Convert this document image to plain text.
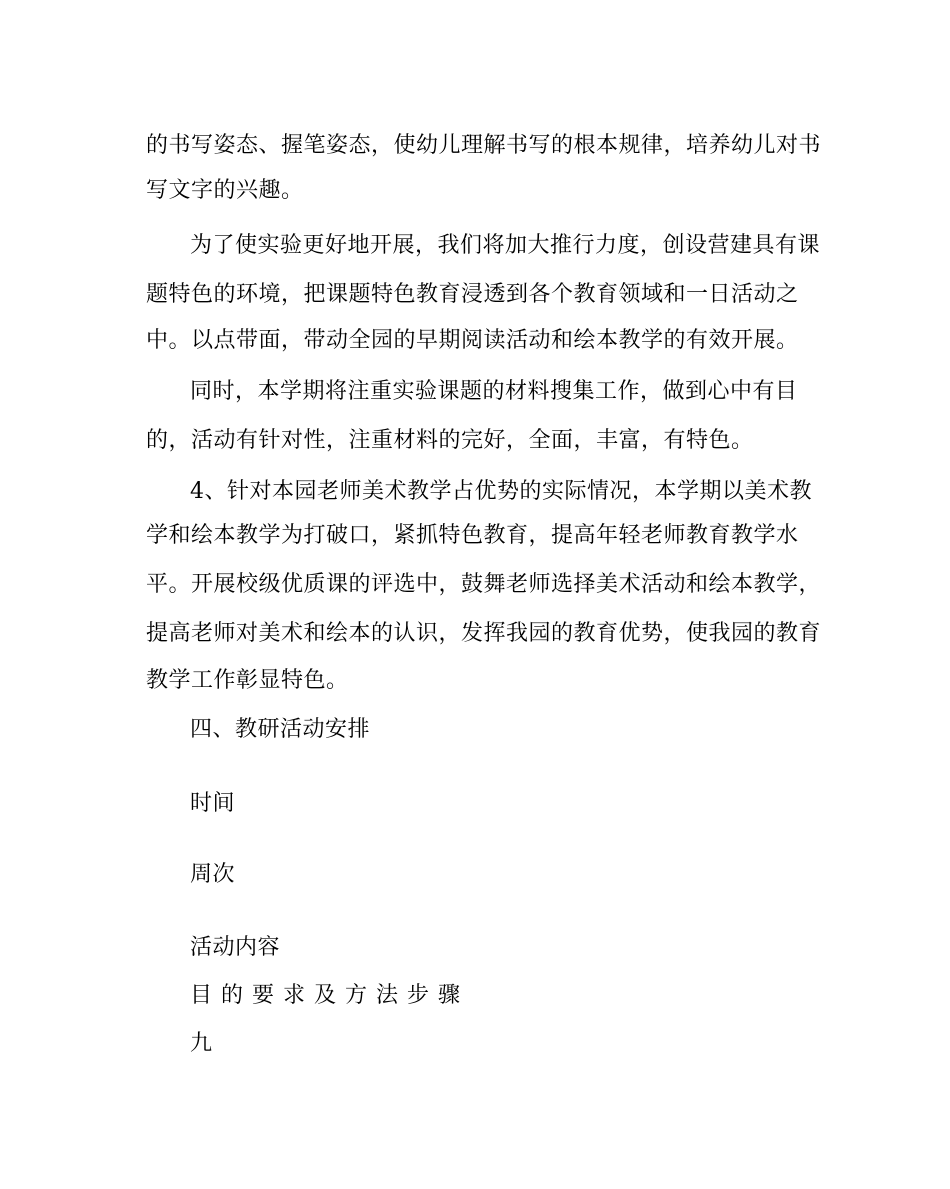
的书写姿态、握笔姿态，使幼儿理解书写的根本规律，培养幼儿对书
写文字的兴趣。
为了使实验更好地开展，我们将加大推行力度，创设营建具有课
题特色的环境，把课题特色教育浸透到各个教育领域和一日活动之
中。以点带面，带动全园的早期阅读活动和绘本教学的有效开展。
同时，本学期将注重实验课题的材料搜集工作，做到心中有目
的，活动有针对性，注重材料的完好，全面，丰富，有特色。
4、针对本园老师美术教学占优势的实际情况，本学期以美术教
学和绘本教学为打破口，紧抓特色教育，提高年轻老师教育教学水
平。开展校级优质课的评选中，鼓舞老师选择美术活动和绘本教学，
提高老师对美术和绘本的认识，发挥我园的教育优势，使我园的教育
教学工作彰显特色。
四、教研活动安排
时间
周次
活动内容
目的要求及方法步骤
九
